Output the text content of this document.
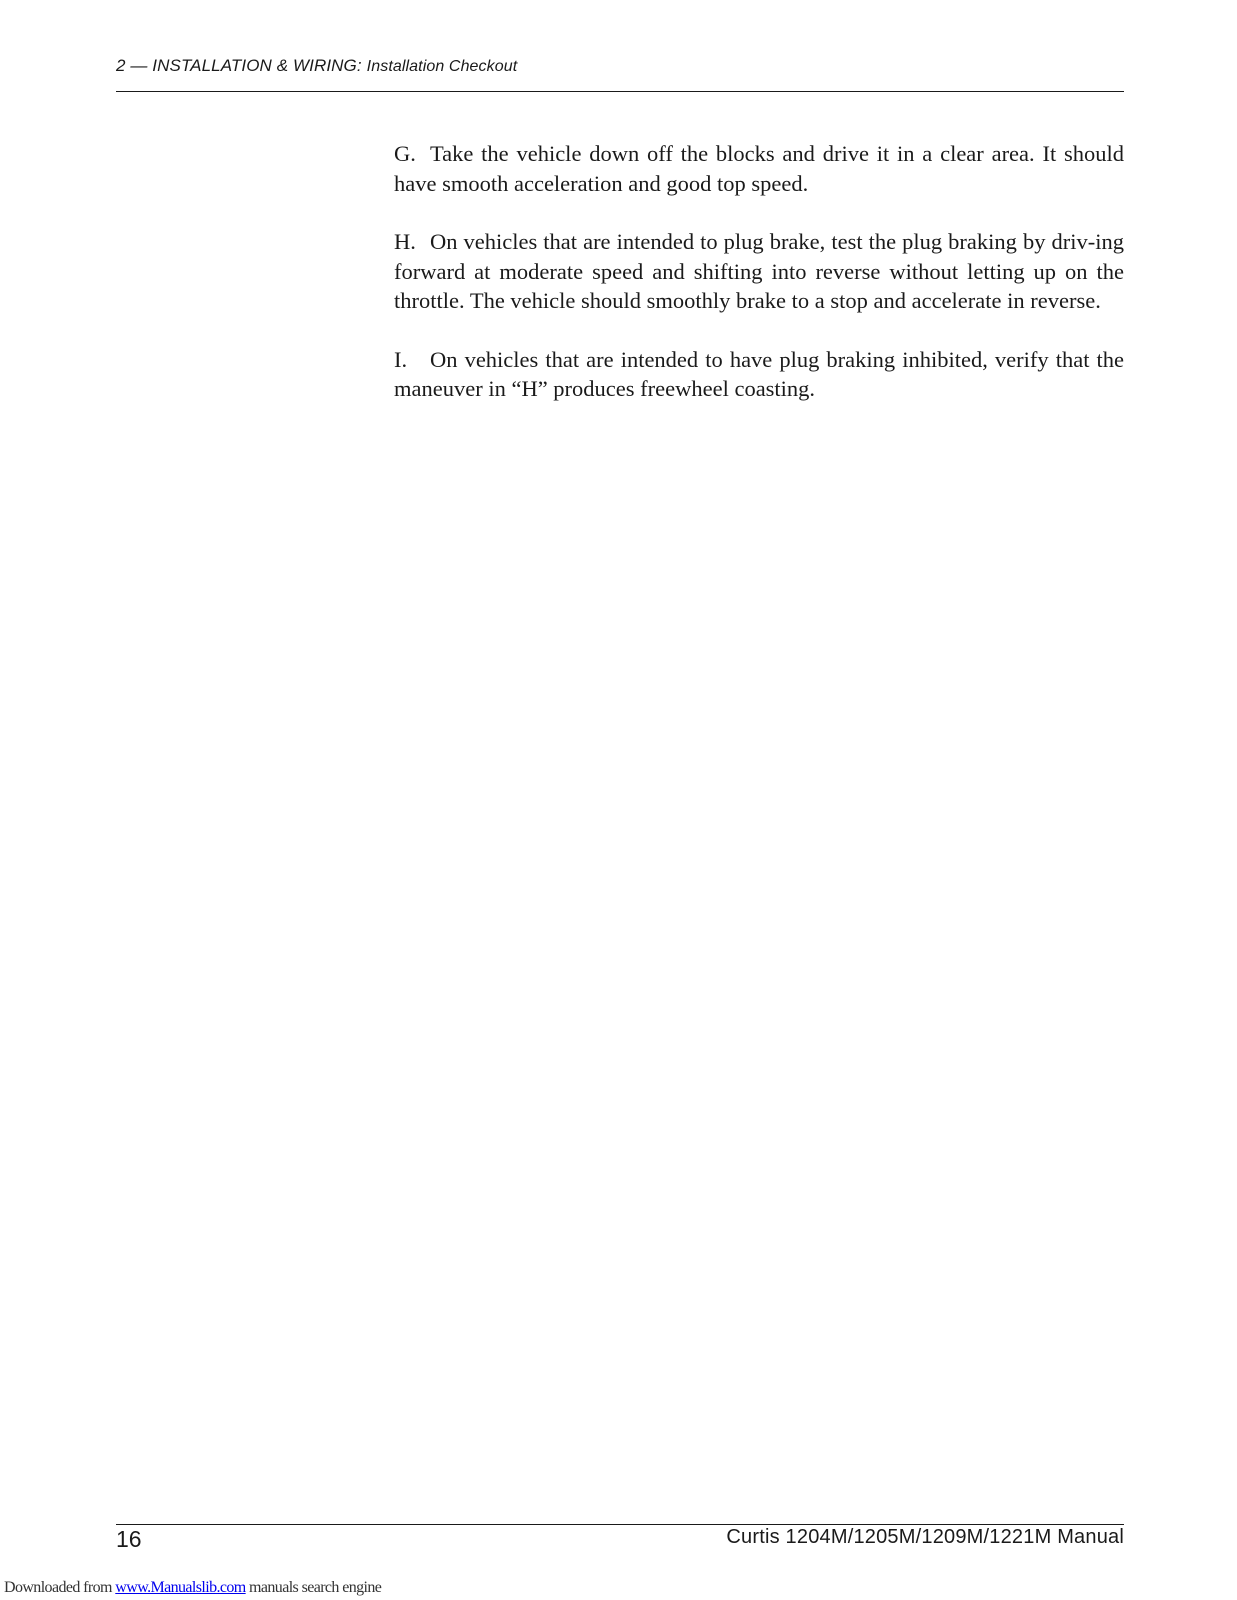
2 — INSTALLATION & WIRING: Installation Checkout

G. Take the vehicle down off the blocks and drive it in a clear area. It should have smooth acceleration and good top speed.

H. On vehicles that are intended to plug brake, test the plug braking by driv-ing forward at moderate speed and shifting into reverse without letting up on the throttle. The vehicle should smoothly brake to a stop and accelerate in reverse.

I. On vehicles that are intended to have plug braking inhibited, verify that the maneuver in “H” produces freewheel coasting.

16	Curtis 1204M/1205M/1209M/1221M Manual
Downloaded from www.Manualslib.com manuals search engine
